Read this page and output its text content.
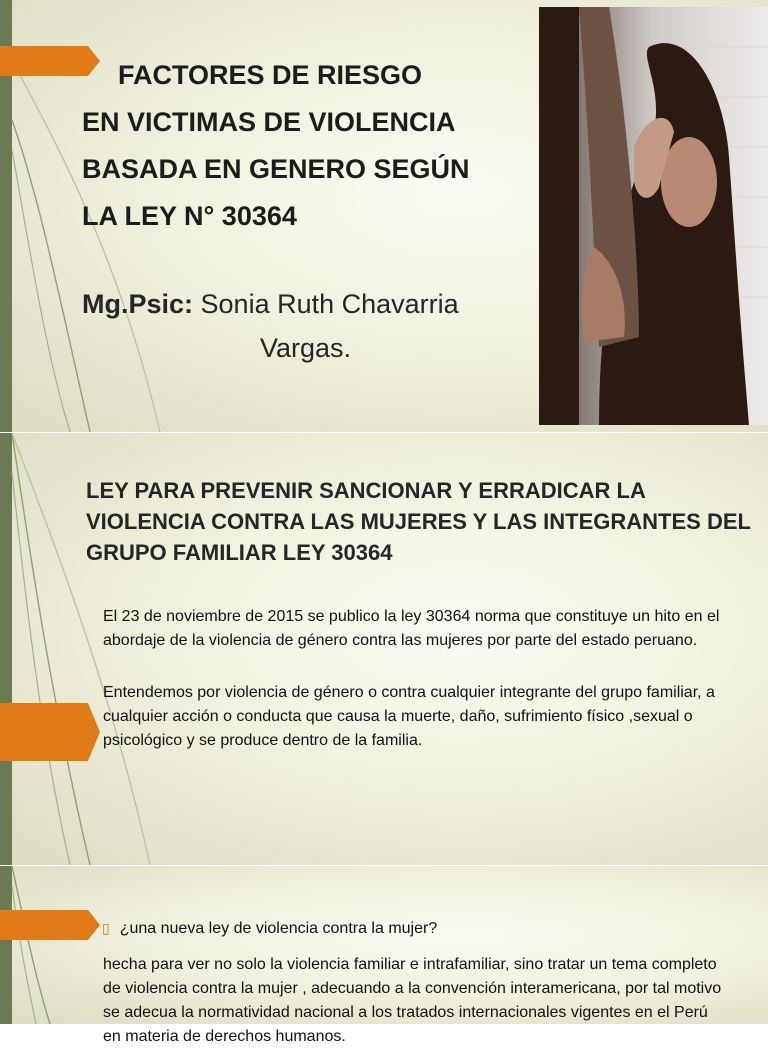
FACTORES DE RIESGO
EN VICTIMAS DE VIOLENCIA
BASADA EN GENERO SEGÚN
LA LEY N° 30364
Mg.Psic: Sonia Ruth Chavarria
Vargas.
LEY PARA PREVENIR SANCIONAR Y ERRADICAR LA VIOLENCIA CONTRA LAS MUJERES Y LAS INTEGRANTES DEL GRUPO FAMILIAR LEY 30364
El 23 de noviembre de 2015 se publico la ley 30364 norma que constituye un hito en el abordaje de la violencia de género contra las mujeres por parte del estado peruano.
Entendemos por violencia de género o contra cualquier integrante del grupo familiar, a cualquier acción o conducta que causa la muerte, daño, sufrimiento físico ,sexual o psicológico y se produce dentro de la familia.
▯ ¿una nueva ley de violencia contra la mujer?
hecha para ver no solo la violencia familiar e intrafamiliar, sino tratar un tema completo de violencia contra la mujer , adecuando a la convención interamericana, por tal motivo se adecua la normatividad nacional a los tratados internacionales vigentes en el Perú en materia de derechos humanos.
